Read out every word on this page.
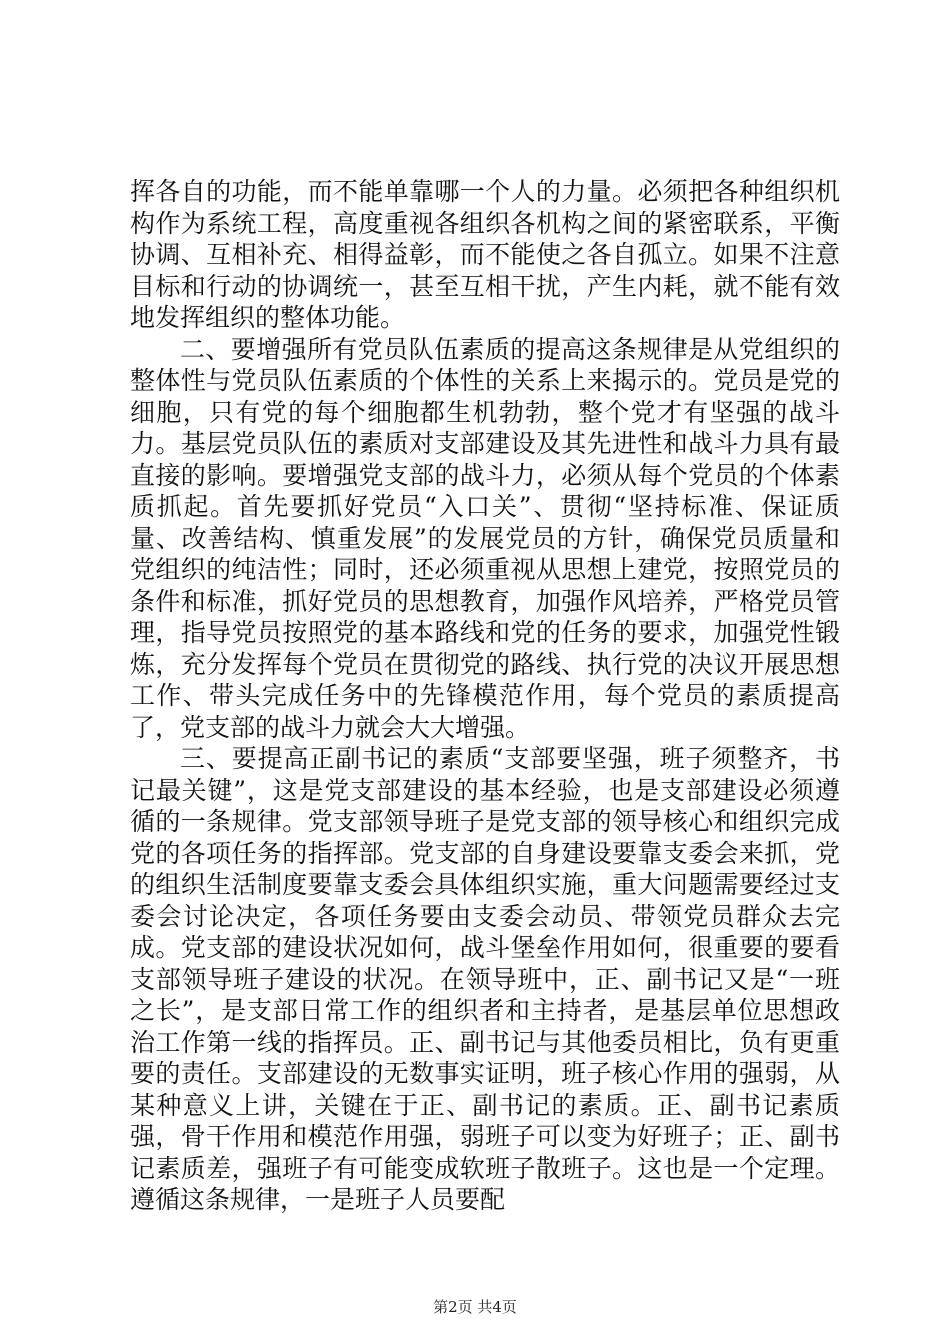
挥各自的功能，而不能单靠哪一个人的力量。必须把各种组织机构作为系统工程，高度重视各组织各机构之间的紧密联系，平衡协调、互相补充、相得益彰，而不能使之各自孤立。如果不注意目标和行动的协调统一，甚至互相干扰，产生内耗，就不能有效地发挥组织的整体功能。

二、要增强所有党员队伍素质的提高这条规律是从党组织的整体性与党员队伍素质的个体性的关系上来揭示的。党员是党的细胞，只有党的每个细胞都生机勃勃，整个党才有坚强的战斗力。基层党员队伍的素质对支部建设及其先进性和战斗力具有最直接的影响。要增强党支部的战斗力，必须从每个党员的个体素质抓起。首先要抓好党员“入口关”、贯彻“坚持标准、保证质量、改善结构、慎重发展”的发展党员的方针，确保党员质量和党组织的纯洁性；同时，还必须重视从思想上建党，按照党员的条件和标准，抓好党员的思想教育，加强作风培养，严格党员管理，指导党员按照党的基本路线和党的任务的要求，加强党性锻炼，充分发挥每个党员在贯彻党的路线、执行党的决议开展思想工作、带头完成任务中的先锋模范作用，每个党员的素质提高了，党支部的战斗力就会大大增强。

三、要提高正副书记的素质“支部要坚强，班子须整齐，书记最关键”，这是党支部建设的基本经验，也是支部建设必须遵循的一条规律。党支部领导班子是党支部的领导核心和组织完成党的各项任务的指挥部。党支部的自身建设要靠支委会来抓，党的组织生活制度要靠支委会具体组织实施，重大问题需要经过支委会讨论决定，各项任务要由支委会动员、带领党员群众去完成。党支部的建设状况如何，战斗堡垒作用如何，很重要的要看支部领导班子建设的状况。在领导班中，正、副书记又是“一班之长”，是支部日常工作的组织者和主持者，是基层单位思想政治工作第一线的指挥员。正、副书记与其他委员相比，负有更重要的责任。支部建设的无数事实证明，班子核心作用的强弱，从某种意义上讲，关键在于正、副书记的素质。正、副书记素质强，骨干作用和模范作用强，弱班子可以变为好班子；正、副书记素质差，强班子有可能变成软班子散班子。这也是一个定理。遵循这条规律，一是班子人员要配

第2页 共4页
